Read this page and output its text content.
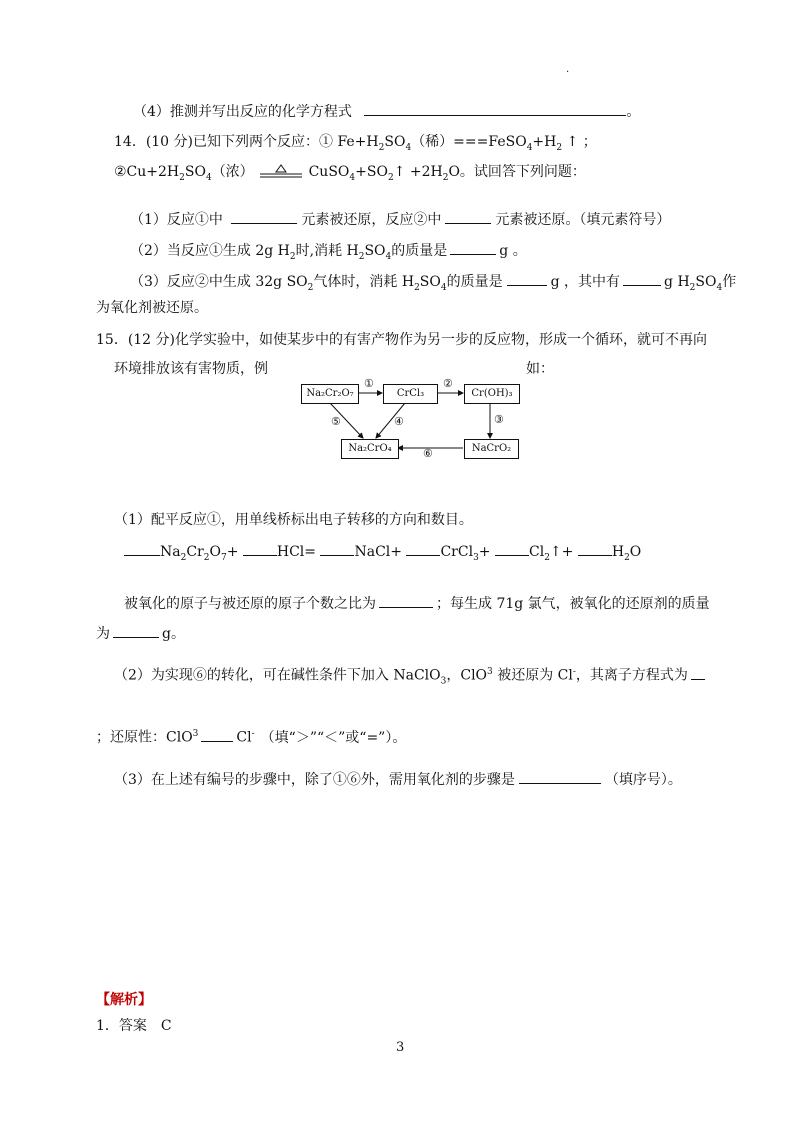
.
（4）推测并写出反应的化学方程式	。
14．(10 分)已知下列两个反应：① $Fe+H_2SO_4$（稀）$===FeSO_4+H_2$ ↑ ；
$②Cu+2H_2SO_4$（浓）	$CuSO_4+SO_2↑ +2H_2O$。试回答下列问题：
（1）反应①中	元素被还原，反应②中	元素被还原。（填元素符号）
（2）当反应①生成 2g $H_2$时,消耗 $H_2SO_4$的质量是	g 。
（3）反应②中生成 32g $SO_2$气体时，消耗 $H_2SO_4$的质量是	g ，其中有	g $H_2SO_4$作
为氧化剂被还原。
15．(12 分)化学实验中，如使某步中的有害产物作为另一步的反应物，形成一个循环，就可不再向
环境排放该有害物质，例	如：
Na₂Cr₂O₇	CrCl₃	Cr(OH)₃
Na₂CrO₄	NaCrO₂
①	②
③
④
⑤
⑥
（1）配平反应①，用单线桥标出电子转移的方向和数目。
$Na_2Cr_2O_7+$	HCl=	NaCl+	CrCl$_3$+	$Cl_2↑+$	$H_2O$
被氧化的原子与被还原的原子个数之比为	；每生成 71g 氯气，被氧化的还原剂的质量
为	g。
（2）为实现⑥的转化，可在碱性条件下加入 NaClO$_3$，ClO$^3$ 被还原为 Cl-，其离子方程式为
；还原性：ClO$^3$	Cl- （填“＞”“＜”或“=”）。
（3）在上述有编号的步骤中，除了①⑥外，需用氧化剂的步骤是	（填序号）。
【解析】
1．答案　C
3
